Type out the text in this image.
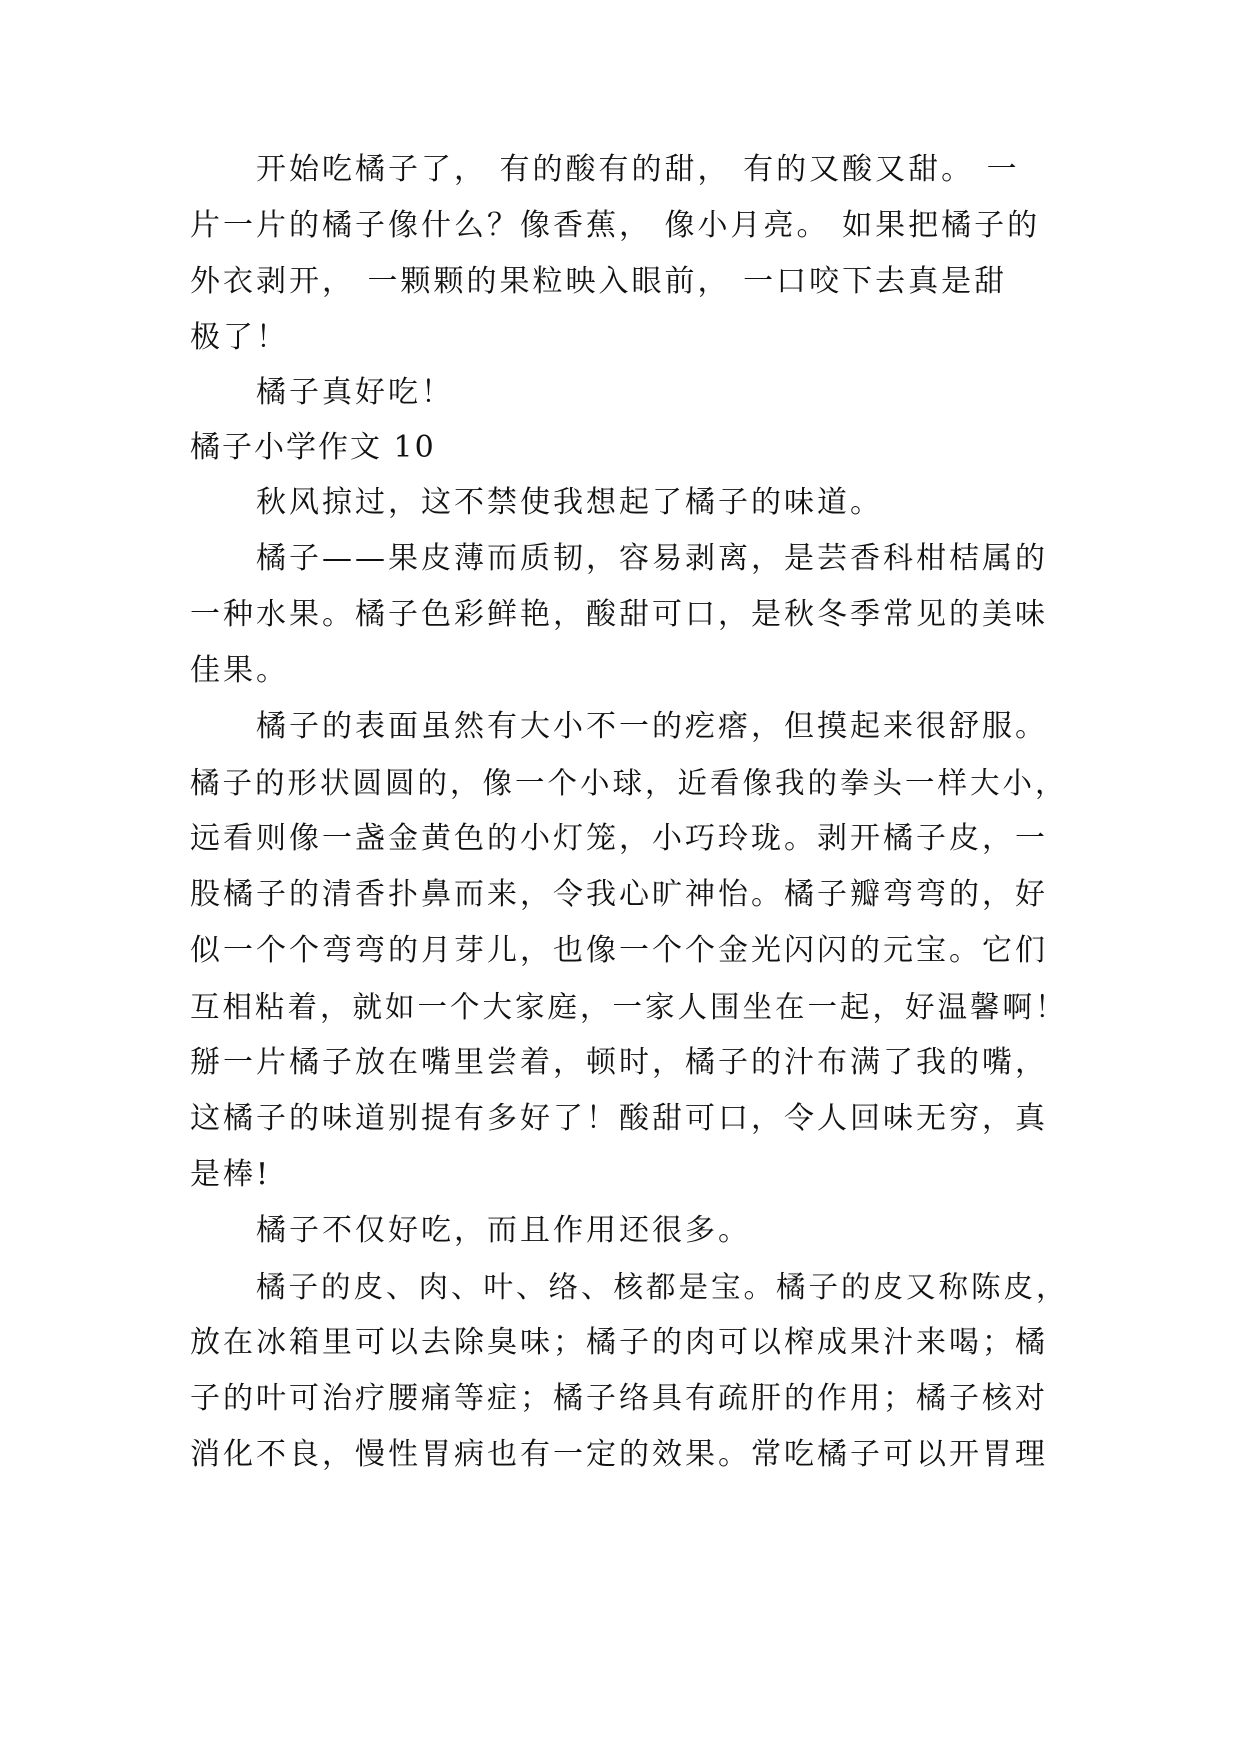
开始吃橘子了， 有的酸有的甜， 有的又酸又甜。 一
片一片的橘子像什么？像香蕉， 像小月亮。 如果把橘子的
外衣剥开， 一颗颗的果粒映入眼前， 一口咬下去真是甜
极了！
橘子真好吃！
橘子小学作文 10
秋风掠过，这不禁使我想起了橘子的味道。
橘子——果皮薄而质韧，容易剥离，是芸香科柑桔属的
一种水果。橘子色彩鲜艳，酸甜可口，是秋冬季常见的美味
佳果。
橘子的表面虽然有大小不一的疙瘩，但摸起来很舒服。
橘子的形状圆圆的，像一个小球，近看像我的拳头一样大小，
远看则像一盏金黄色的小灯笼，小巧玲珑。剥开橘子皮，一
股橘子的清香扑鼻而来，令我心旷神怡。橘子瓣弯弯的，好
似一个个弯弯的月芽儿，也像一个个金光闪闪的元宝。它们
互相粘着，就如一个大家庭，一家人围坐在一起，好温馨啊！
掰一片橘子放在嘴里尝着，顿时，橘子的汁布满了我的嘴，
这橘子的味道别提有多好了！酸甜可口，令人回味无穷，真
是棒!
橘子不仅好吃，而且作用还很多。
橘子的皮、肉、叶、络、核都是宝。橘子的皮又称陈皮，
放在冰箱里可以去除臭味；橘子的肉可以榨成果汁来喝；橘
子的叶可治疗腰痛等症；橘子络具有疏肝的作用；橘子核对
消化不良，慢性胃病也有一定的效果。常吃橘子可以开胃理
